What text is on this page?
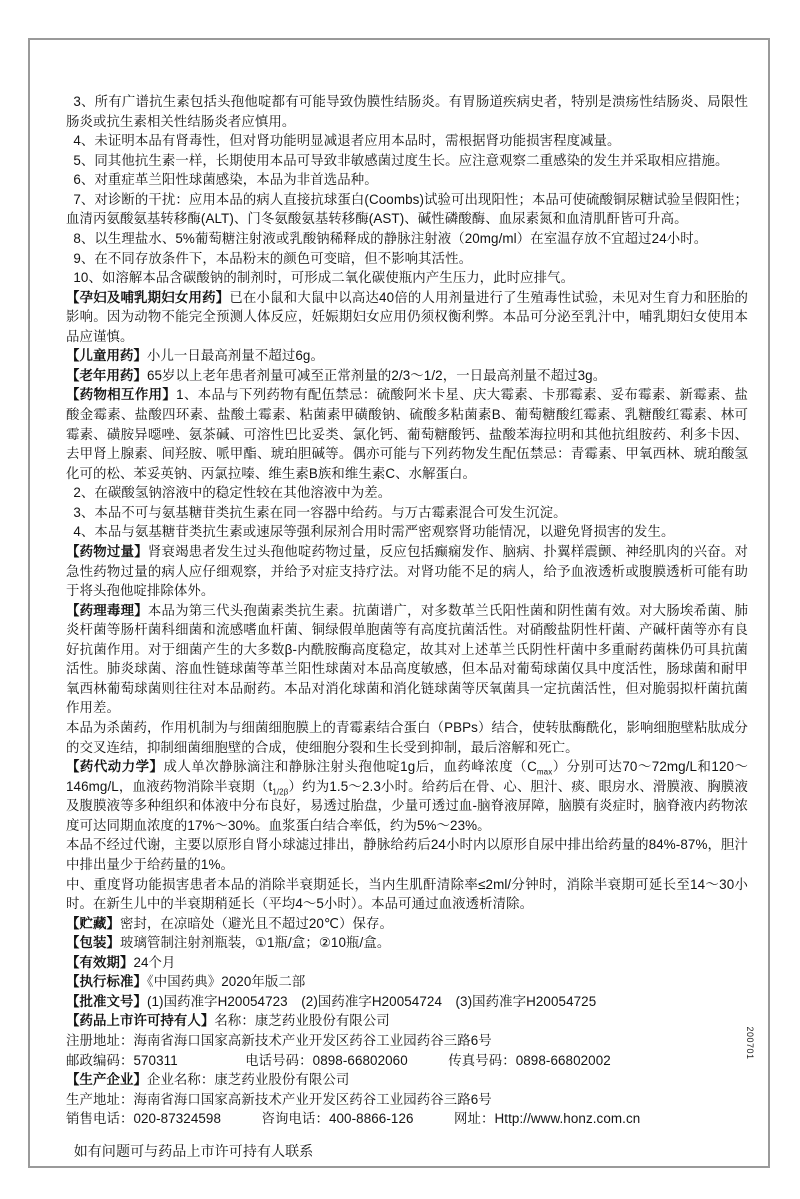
3、所有广谱抗生素包括头孢他啶都有可能导致伪膜性结肠炎。有胃肠道疾病史者，特别是溃疡性结肠炎、局限性肠炎或抗生素相关性结肠炎者应慎用。

4、未证明本品有肾毒性，但对肾功能明显减退者应用本品时，需根据肾功能损害程度减量。

5、同其他抗生素一样，长期使用本品可导致非敏感菌过度生长。应注意观察二重感染的发生并采取相应措施。

6、对重症革兰阳性球菌感染，本品为非首选品种。

7、对诊断的干扰：应用本品的病人直接抗球蛋白(Coombs)试验可出现阳性；本品可使硫酸铜尿糖试验呈假阳性；血清丙氨酸氨基转移酶(ALT)、门冬氨酸氨基转移酶(AST)、碱性磷酸酶、血尿素氮和血清肌酐皆可升高。

8、以生理盐水、5%葡萄糖注射液或乳酸钠稀释成的静脉注射液（20mg/ml）在室温存放不宜超过24小时。

9、在不同存放条件下，本品粉末的颜色可变暗，但不影响其活性。

10、如溶解本品含碳酸钠的制剂时，可形成二氧化碳使瓶内产生压力，此时应排气。

【孕妇及哺乳期妇女用药】已在小鼠和大鼠中以高达40倍的人用剂量进行了生殖毒性试验，未见对生育力和胚胎的影响。因为动物不能完全预测人体反应，妊娠期妇女应用仍须权衡利弊。本品可分泌至乳汁中，哺乳期妇女使用本品应谨慎。

【儿童用药】小儿一日最高剂量不超过6g。

【老年用药】65岁以上老年患者剂量可减至正常剂量的2/3～1/2，一日最高剂量不超过3g。

【药物相互作用】1、本品与下列药物有配伍禁忌：硫酸阿米卡星、庆大霉素、卡那霉素、妥布霉素、新霉素、盐酸金霉素、盐酸四环素、盐酸土霉素、粘菌素甲磺酸钠、硫酸多粘菌素B、葡萄糖酸红霉素、乳糖酸红霉素、林可霉素、磺胺异噁唑、氨茶碱、可溶性巴比妥类、氯化钙、葡萄糖酸钙、盐酸苯海拉明和其他抗组胺药、利多卡因、去甲肾上腺素、间羟胺、哌甲酯、琥珀胆碱等。偶亦可能与下列药物发生配伍禁忌：青霉素、甲氧西林、琥珀酸氢化可的松、苯妥英钠、丙氯拉嗪、维生素B族和维生素C、水解蛋白。

2、在碳酸氢钠溶液中的稳定性较在其他溶液中为差。

3、本品不可与氨基糖苷类抗生素在同一容器中给药。与万古霉素混合可发生沉淀。

4、本品与氨基糖苷类抗生素或速尿等强利尿剂合用时需严密观察肾功能情况，以避免肾损害的发生。

【药物过量】肾衰竭患者发生过头孢他啶药物过量，反应包括癫痫发作、脑病、扑翼样震颤、神经肌肉的兴奋。对急性药物过量的病人应仔细观察，并给予对症支持疗法。对肾功能不足的病人，给予血液透析或腹膜透析可能有助于将头孢他啶排除体外。

【药理毒理】本品为第三代头孢菌素类抗生素。抗菌谱广，对多数革兰氏阳性菌和阴性菌有效。对大肠埃希菌、肺炎杆菌等肠杆菌科细菌和流感嗜血杆菌、铜绿假单胞菌等有高度抗菌活性。对硝酸盐阴性杆菌、产碱杆菌等亦有良好抗菌作用。对于细菌产生的大多数β-内酰胺酶高度稳定，故其对上述革兰氏阴性杆菌中多重耐药菌株仍可具抗菌活性。肺炎球菌、溶血性链球菌等革兰阳性球菌对本品高度敏感，但本品对葡萄球菌仅具中度活性，肠球菌和耐甲氧西林葡萄球菌则往往对本品耐药。本品对消化球菌和消化链球菌等厌氧菌具一定抗菌活性，但对脆弱拟杆菌抗菌作用差。

本品为杀菌药，作用机制为与细菌细胞膜上的青霉素结合蛋白（PBPs）结合，使转肽酶酰化，影响细胞壁粘肽成分的交叉连结，抑制细菌细胞壁的合成，使细胞分裂和生长受到抑制，最后溶解和死亡。

【药代动力学】成人单次静脉滴注和静脉注射头孢他啶1g后，血药峰浓度$(C_{max})$分别可达70～72mg/L和120～146mg/L，血液药物消除半衰期$(t_{1/2\beta})$约为1.5～2.3小时。给药后在骨、心、胆汁、痰、眼房水、滑膜液、胸膜液及腹膜液等多种组织和体液中分布良好，易透过胎盘，少量可透过血-脑脊液屏障，脑膜有炎症时，脑脊液内药物浓度可达同期血浓度的17%～30%。血浆蛋白结合率低，约为5%～23%。

本品不经过代谢，主要以原形自肾小球滤过排出，静脉给药后24小时内以原形自尿中排出给药量的84%-87%，胆汁中排出量少于给药量的1%。

中、重度肾功能损害患者本品的消除半衰期延长，当内生肌酐清除率≤2ml/分钟时，消除半衰期可延长至14～30小时。在新生儿中的半衰期稍延长（平均4～5小时）。本品可通过血液透析清除。

【贮藏】密封，在凉暗处（避光且不超过20℃）保存。

【包装】玻璃管制注射剂瓶装，①1瓶/盒；②10瓶/盒。

【有效期】24个月

【执行标准】《中国药典》2020年版二部

【批准文号】(1)国药准字H20054723　(2)国药准字H20054724　(3)国药准字H20054725

【药品上市许可持有人】名称：康芝药业股份有限公司

注册地址：海南省海口国家高新技术产业开发区药谷工业园药谷三路6号

邮政编码：570311　　　　　电话号码：0898-66802060　　　传真号码：0898-66802002

【生产企业】企业名称：康芝药业股份有限公司

生产地址：海南省海口国家高新技术产业开发区药谷工业园药谷三路6号

销售电话：020-87324598　　　咨询电话：400-8866-126　　　网址：Http://www.honz.com.cn

如有问题可与药品上市许可持有人联系

200701
